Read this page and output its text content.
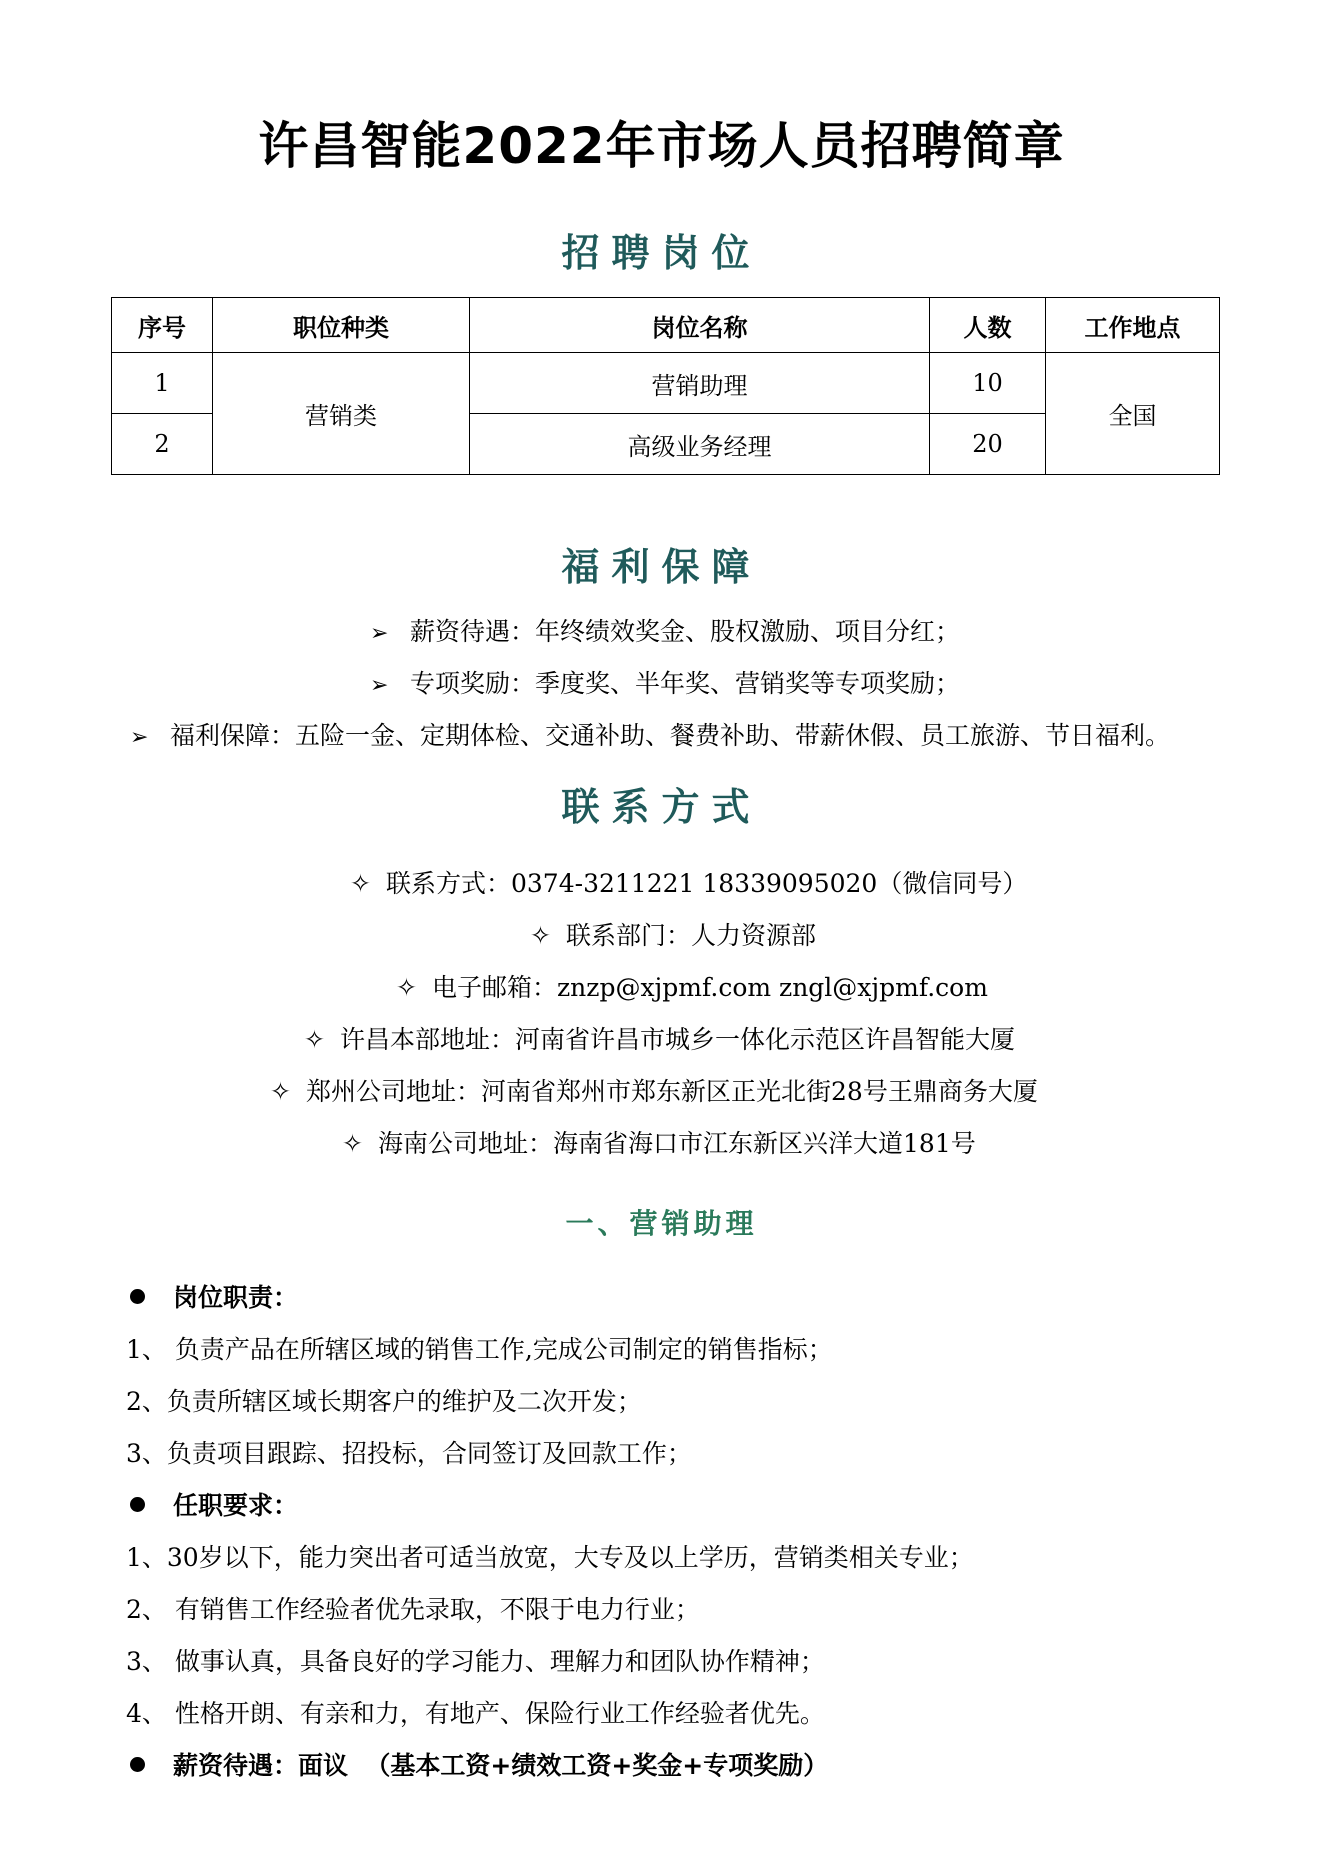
许昌智能2022年市场人员招聘简章
招聘岗位
序号	职位种类	岗位名称	人数	工作地点
1	营销类	营销助理	10	全国
2		高级业务经理	20	
福利保障
➢ 薪资待遇：年终绩效奖金、股权激励、项目分红；
➢ 专项奖励：季度奖、半年奖、营销奖等专项奖励；
➢ 福利保障：五险一金、定期体检、交通补助、餐费补助、带薪休假、员工旅游、节日福利。
联系方式
✧ 联系方式：0374-3211221 18339095020（微信同号）
✧ 联系部门：人力资源部
✧ 电子邮箱：znzp@xjpmf.com zngl@xjpmf.com
✧ 许昌本部地址：河南省许昌市城乡一体化示范区许昌智能大厦
✧ 郑州公司地址：河南省郑州市郑东新区正光北街28号王鼎商务大厦
✧ 海南公司地址：海南省海口市江东新区兴洋大道181号
一、营销助理
岗位职责：
1、 负责产品在所辖区域的销售工作,完成公司制定的销售指标；
2、负责所辖区域长期客户的维护及二次开发；
3、负责项目跟踪、招投标，合同签订及回款工作；
任职要求：
1、30岁以下，能力突出者可适当放宽，大专及以上学历，营销类相关专业；
2、 有销售工作经验者优先录取，不限于电力行业；
3、 做事认真，具备良好的学习能力、理解力和团队协作精神；
4、 性格开朗、有亲和力，有地产、保险行业工作经验者优先。
薪资待遇：面议  （基本工资+绩效工资+奖金+专项奖励）
